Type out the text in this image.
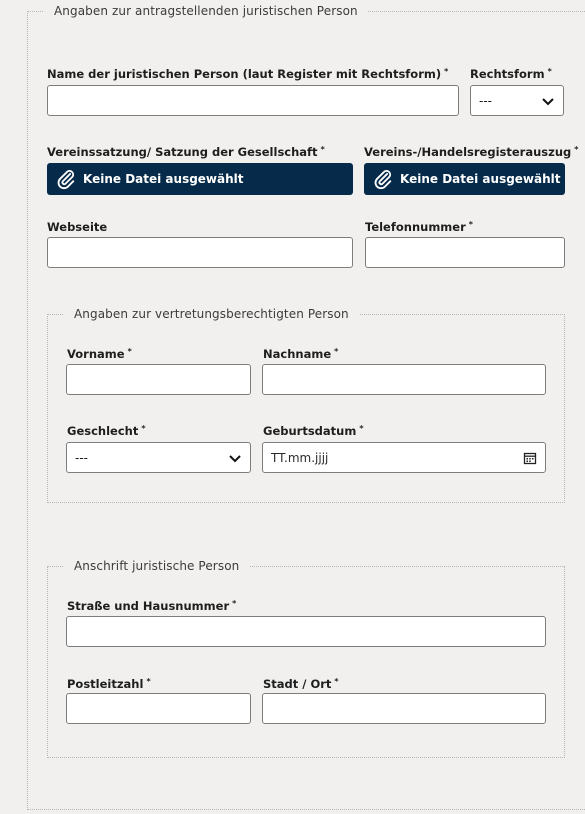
Angaben zur antragstellenden juristischen Person
Name der juristischen Person (laut Register mit Rechtsform) * Rechtsform *
---
Vereinssatzung/ Satzung der Gesellschaft *
Keine Datei ausgewählt
Vereins-/Handelsregisterauszug *
Keine Datei ausgewählt
Webseite	Telefonnummer *
Angaben zur vertretungsberechtigten Person
Vorname *	Nachname *
Geschlecht *
---
Geburtsdatum *
TT.mm.jjjj
Anschrift juristische Person
Straße und Hausnummer *
Postleitzahl *	Stadt / Ort *
